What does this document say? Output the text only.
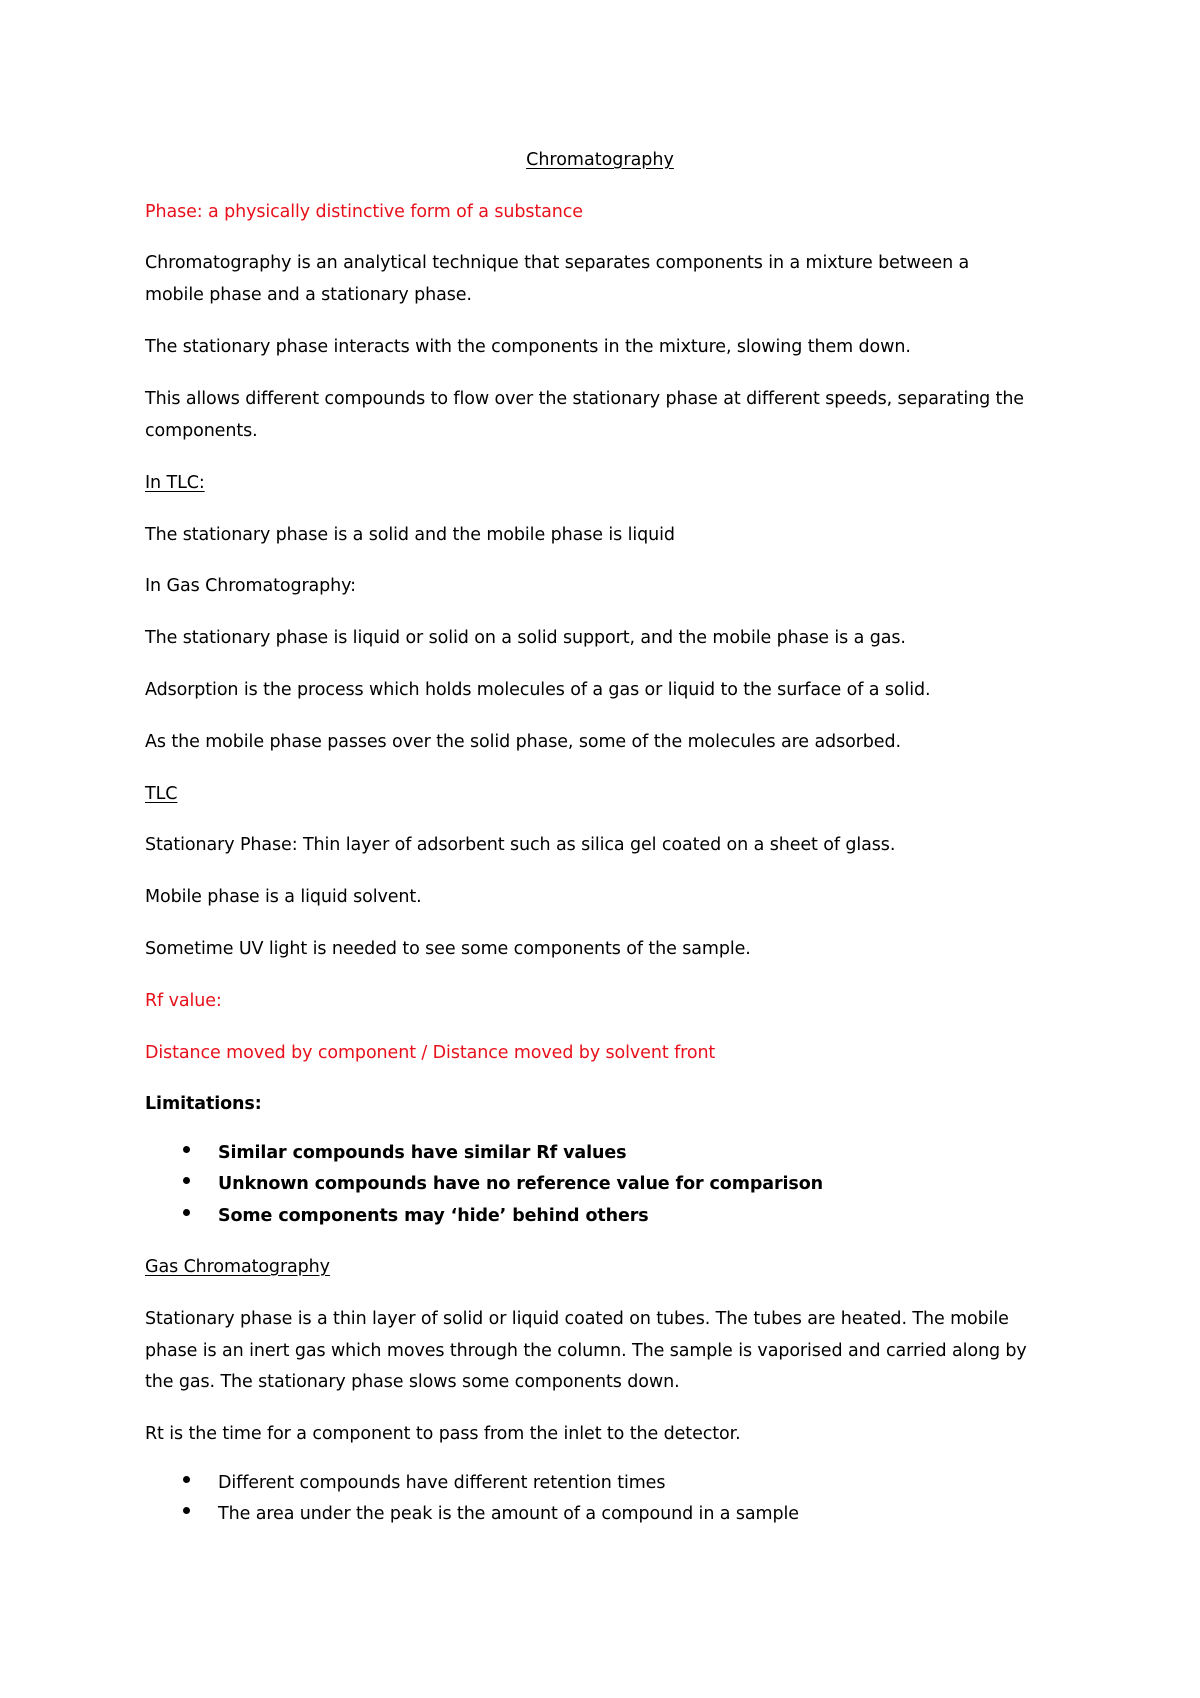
Chromatography
Phase: a physically distinctive form of a substance
Chromatography is an analytical technique that separates components in a mixture between a
mobile phase and a stationary phase.
The stationary phase interacts with the components in the mixture, slowing them down.
This allows different compounds to flow over the stationary phase at different speeds, separating the
components.
In TLC:
The stationary phase is a solid and the mobile phase is liquid
In Gas Chromatography:
The stationary phase is liquid or solid on a solid support, and the mobile phase is a gas.
Adsorption is the process which holds molecules of a gas or liquid to the surface of a solid.
As the mobile phase passes over the solid phase, some of the molecules are adsorbed.
TLC
Stationary Phase: Thin layer of adsorbent such as silica gel coated on a sheet of glass.
Mobile phase is a liquid solvent.
Sometime UV light is needed to see some components of the sample.
Rf value:
Distance moved by component / Distance moved by solvent front
Limitations:
Similar compounds have similar Rf values
Unknown compounds have no reference value for comparison
Some components may ‘hide’ behind others
Gas Chromatography
Stationary phase is a thin layer of solid or liquid coated on tubes. The tubes are heated. The mobile
phase is an inert gas which moves through the column. The sample is vaporised and carried along by
the gas. The stationary phase slows some components down.
Rt is the time for a component to pass from the inlet to the detector.
Different compounds have different retention times
The area under the peak is the amount of a compound in a sample
